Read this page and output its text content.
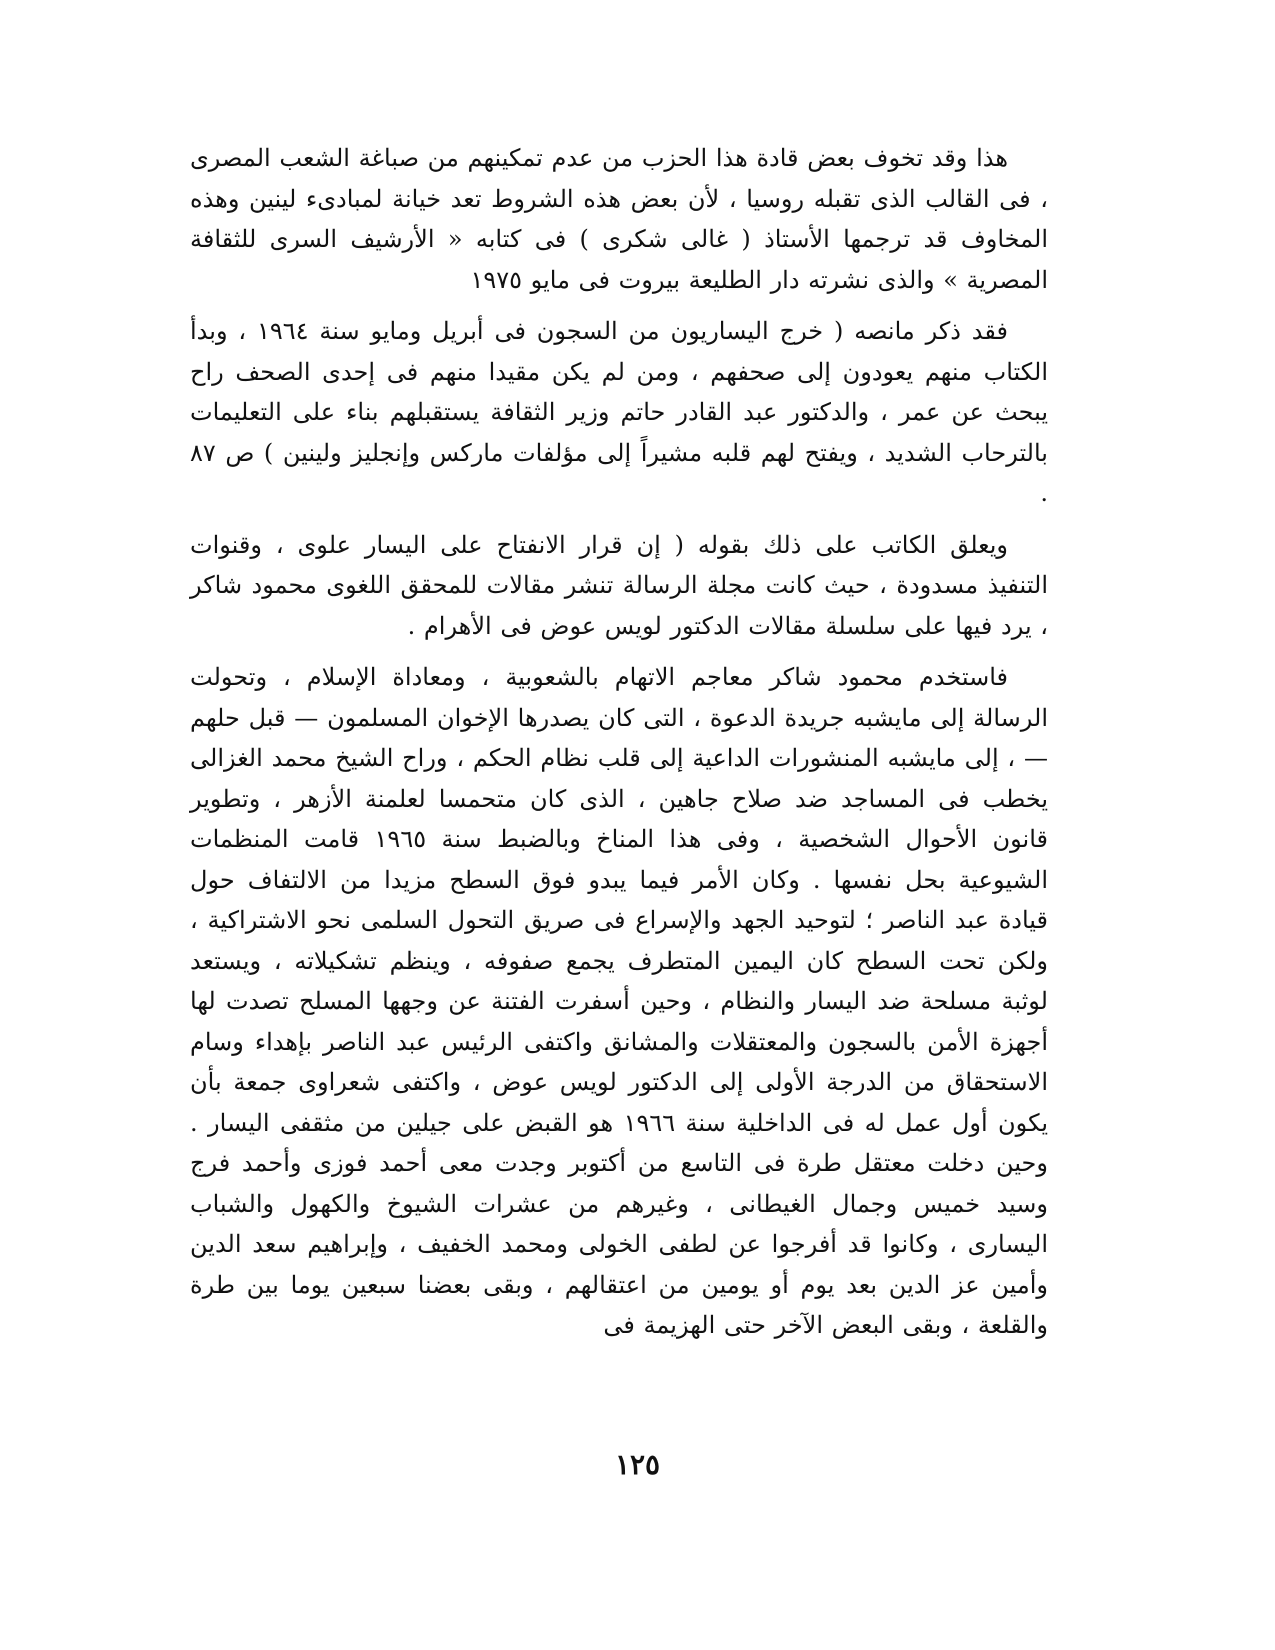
هذا وقد تخوف بعض قادة هذا الحزب من عدم تمكينهم من صباغة الشعب المصرى ، فى القالب الذى تقبله روسيا ، لأن بعض هذه الشروط تعد خيانة لمبادىء لينين وهذه المخاوف قد ترجمها الأستاذ ( غالى شكرى ) فى كتابه « الأرشيف السرى للثقافة المصرية » والذى نشرته دار الطليعة بيروت فى مايو ١٩٧٥

فقد ذكر مانصه ( خرج اليساريون من السجون فى أبريل ومايو سنة ١٩٦٤ ، وبدأ الكتاب منهم يعودون إلى صحفهم ، ومن لم يكن مقيدا منهم فى إحدى الصحف راح يبحث عن عمر ، والدكتور عبد القادر حاتم وزير الثقافة يستقبلهم بناء على التعليمات بالترحاب الشديد ، ويفتح لهم قلبه مشيراً إلى مؤلفات ماركس وإنجليز ولينين ) ص ٨٧ .

ويعلق الكاتب على ذلك بقوله ( إن قرار الانفتاح على اليسار علوى ، وقنوات التنفيذ مسدودة ، حيث كانت مجلة الرسالة تنشر مقالات للمحقق اللغوى محمود شاكر ، يرد فيها على سلسلة مقالات الدكتور لويس عوض فى الأهرام .

فاستخدم محمود شاكر معاجم الاتهام بالشعوبية ، ومعاداة الإسلام ، وتحولت الرسالة إلى مايشبه جريدة الدعوة ، التى كان يصدرها الإخوان المسلمون — قبل حلهم — ، إلى مايشبه المنشورات الداعية إلى قلب نظام الحكم ، وراح الشيخ محمد الغزالى يخطب فى المساجد ضد صلاح جاهين ، الذى كان متحمسا لعلمنة الأزهر ، وتطوير قانون الأحوال الشخصية ، وفى هذا المناخ وبالضبط سنة ١٩٦٥ قامت المنظمات الشيوعية بحل نفسها . وكان الأمر فيما يبدو فوق السطح مزيدا من الالتفاف حول قيادة عبد الناصر ؛ لتوحيد الجهد والإسراع فى صريق التحول السلمى نحو الاشتراكية ، ولكن تحت السطح كان اليمين المتطرف يجمع صفوفه ، وينظم تشكيلاته ، ويستعد لوثبة مسلحة ضد اليسار والنظام ، وحين أسفرت الفتنة عن وجهها المسلح تصدت لها أجهزة الأمن بالسجون والمعتقلات والمشانق واكتفى الرئيس عبد الناصر بإهداء وسام الاستحقاق من الدرجة الأولى إلى الدكتور لويس عوض ، واكتفى شعراوى جمعة بأن يكون أول عمل له فى الداخلية سنة ١٩٦٦ هو القبض على جيلين من مثقفى اليسار . وحين دخلت معتقل طرة فى التاسع من أكتوبر وجدت معى أحمد فوزى وأحمد فرج وسيد خميس وجمال الغيطانى ، وغيرهم من عشرات الشيوخ والكهول والشباب اليسارى ، وكانوا قد أفرجوا عن لطفى الخولى ومحمد الخفيف ، وإبراهيم سعد الدين وأمين عز الدين بعد يوم أو يومين من اعتقالهم ، وبقى بعضنا سبعين يوما بين طرة والقلعة ، وبقى البعض الآخر حتى الهزيمة فى

١٢٥
